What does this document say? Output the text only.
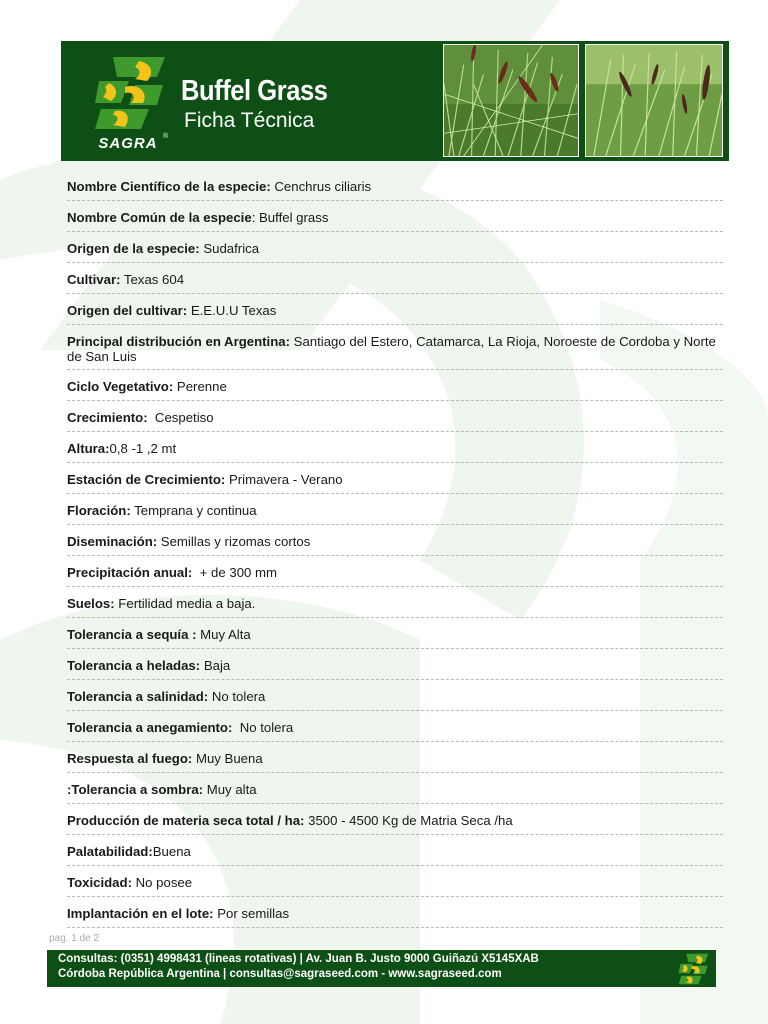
SAGRA ®
Buffel Grass
Ficha Técnica
Nombre Científico de la especie: Cenchrus ciliaris
Nombre Común de la especie: Buffel grass
Origen de la especie: Sudafrica
Cultivar: Texas 604
Origen del cultivar: E.E.U.U Texas
Principal distribución en Argentina: Santiago del Estero, Catamarca, La Rioja, Noroeste de Cordoba y Norte de San Luis
Ciclo Vegetativo: Perenne
Crecimiento:  Cespetiso
Altura:0,8 -1 ,2 mt
Estación de Crecimiento: Primavera - Verano
Floración: Temprana y continua
Diseminación: Semillas y rizomas cortos
Precipitación anual:  + de 300 mm
Suelos: Fertilidad media a baja.
Tolerancia a sequía : Muy Alta
Tolerancia a heladas: Baja
Tolerancia a salinidad: No tolera
Tolerancia a anegamiento:  No tolera
Respuesta al fuego: Muy Buena
:Tolerancia a sombra: Muy alta
Producción de materia seca total / ha: 3500 - 4500 Kg de Matria Seca /ha
Palatabilidad:Buena
Toxicidad: No posee
Implantación en el lote: Por semillas
pag. 1 de 2
Consultas: (0351) 4998431 (lineas rotativas) | Av. Juan B. Justo 9000 Guiñazú X5145XAB
Córdoba República Argentina | consultas@sagraseed.com - www.sagraseed.com
